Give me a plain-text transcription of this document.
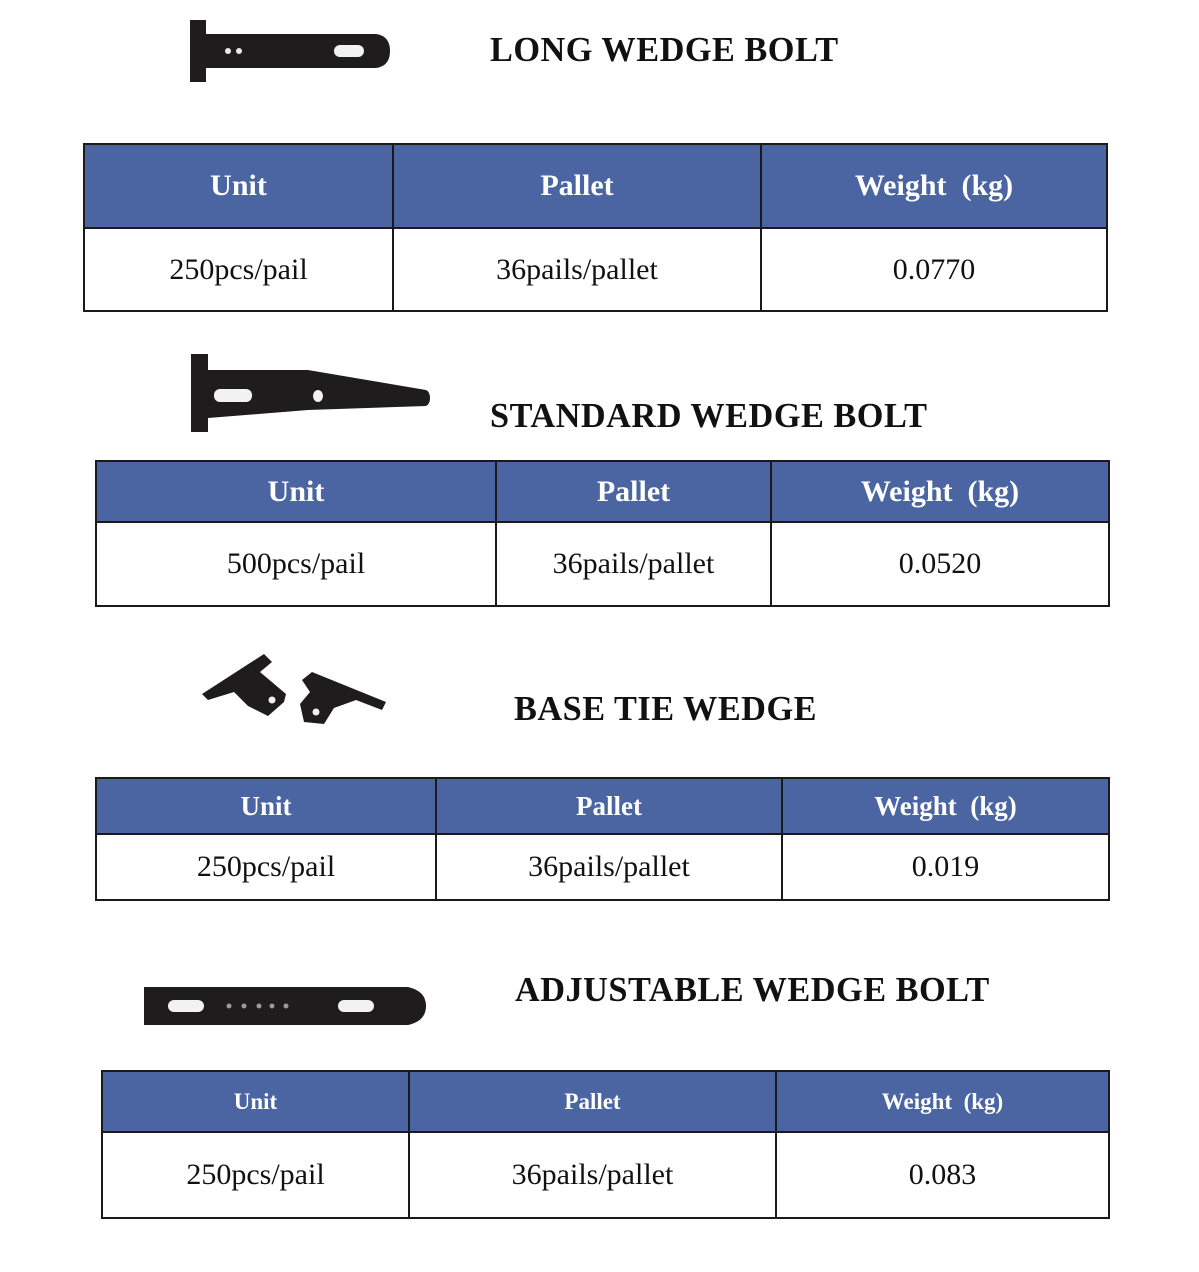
LONG WEDGE BOLT
Unit	Pallet	Weight  (kg)
250pcs/pail	36pails/pallet	0.0770
STANDARD WEDGE BOLT
Unit	Pallet	Weight  (kg)
500pcs/pail	36pails/pallet	0.0520
BASE TIE WEDGE
Unit	Pallet	Weight  (kg)
250pcs/pail	36pails/pallet	0.019
ADJUSTABLE WEDGE BOLT
Unit	Pallet	Weight  (kg)
250pcs/pail	36pails/pallet	0.083
